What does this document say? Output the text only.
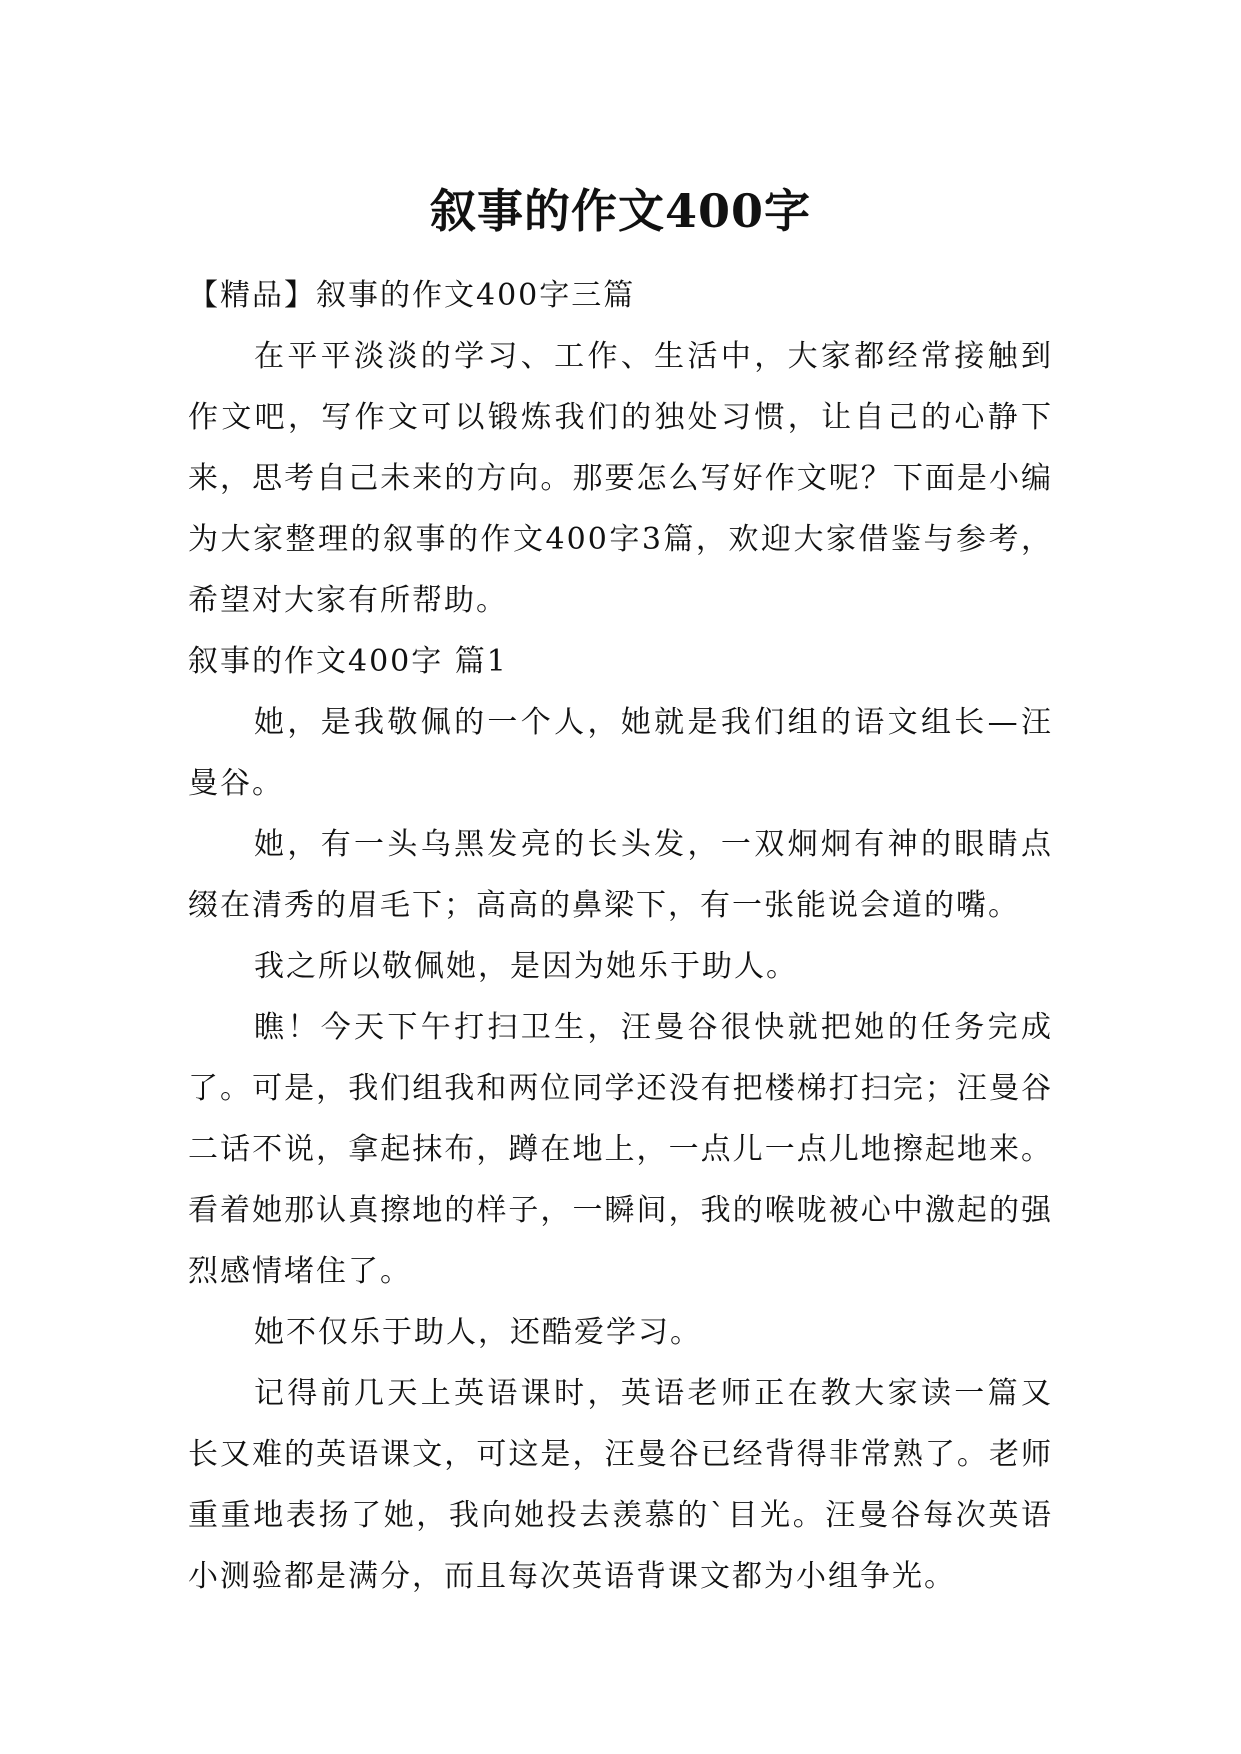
叙事的作文400字

【精品】叙事的作文400字三篇

在平平淡淡的学习、工作、生活中，大家都经常接触到作文吧，写作文可以锻炼我们的独处习惯，让自己的心静下来，思考自己未来的方向。那要怎么写好作文呢？下面是小编为大家整理的叙事的作文400字3篇，欢迎大家借鉴与参考，希望对大家有所帮助。

叙事的作文400字 篇1

她，是我敬佩的一个人，她就是我们组的语文组长—汪曼谷。

她，有一头乌黑发亮的长头发，一双炯炯有神的眼睛点缀在清秀的眉毛下；高高的鼻梁下，有一张能说会道的嘴。

我之所以敬佩她，是因为她乐于助人。

瞧！今天下午打扫卫生，汪曼谷很快就把她的任务完成了。可是，我们组我和两位同学还没有把楼梯打扫完；汪曼谷二话不说，拿起抹布，蹲在地上，一点儿一点儿地擦起地来。看着她那认真擦地的样子，一瞬间，我的喉咙被心中激起的强烈感情堵住了。

她不仅乐于助人，还酷爱学习。

记得前几天上英语课时，英语老师正在教大家读一篇又长又难的英语课文，可这是，汪曼谷已经背得非常熟了。老师重重地表扬了她，我向她投去羡慕的`目光。汪曼谷每次英语小测验都是满分，而且每次英语背课文都为小组争光。
